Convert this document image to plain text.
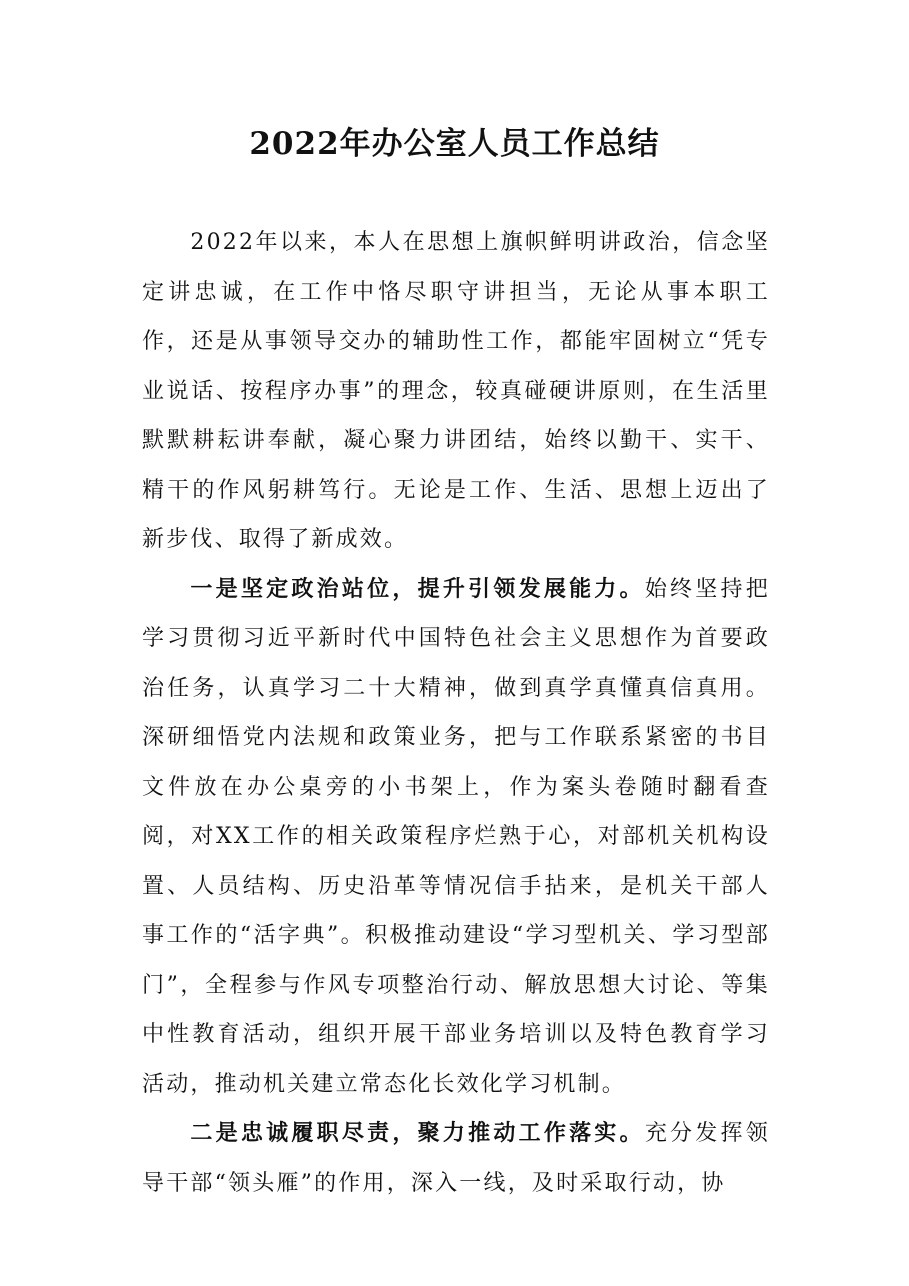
2022年办公室人员工作总结

2022年以来，本人在思想上旗帜鲜明讲政治，信念坚定讲忠诚，在工作中恪尽职守讲担当，无论从事本职工作，还是从事领导交办的辅助性工作，都能牢固树立“凭专业说话、按程序办事”的理念，较真碰硬讲原则，在生活里默默耕耘讲奉献，凝心聚力讲团结，始终以勤干、实干、精干的作风躬耕笃行。无论是工作、生活、思想上迈出了新步伐、取得了新成效。

一是坚定政治站位，提升引领发展能力。始终坚持把学习贯彻习近平新时代中国特色社会主义思想作为首要政治任务，认真学习二十大精神，做到真学真懂真信真用。深研细悟党内法规和政策业务，把与工作联系紧密的书目文件放在办公桌旁的小书架上，作为案头卷随时翻看查阅，对XX工作的相关政策程序烂熟于心，对部机关机构设置、人员结构、历史沿革等情况信手拈来，是机关干部人事工作的“活字典”。积极推动建设“学习型机关、学习型部门”，全程参与作风专项整治行动、解放思想大讨论、等集中性教育活动，组织开展干部业务培训以及特色教育学习活动，推动机关建立常态化长效化学习机制。

二是忠诚履职尽责，聚力推动工作落实。充分发挥领导干部“领头雁”的作用，深入一线，及时采取行动，协
